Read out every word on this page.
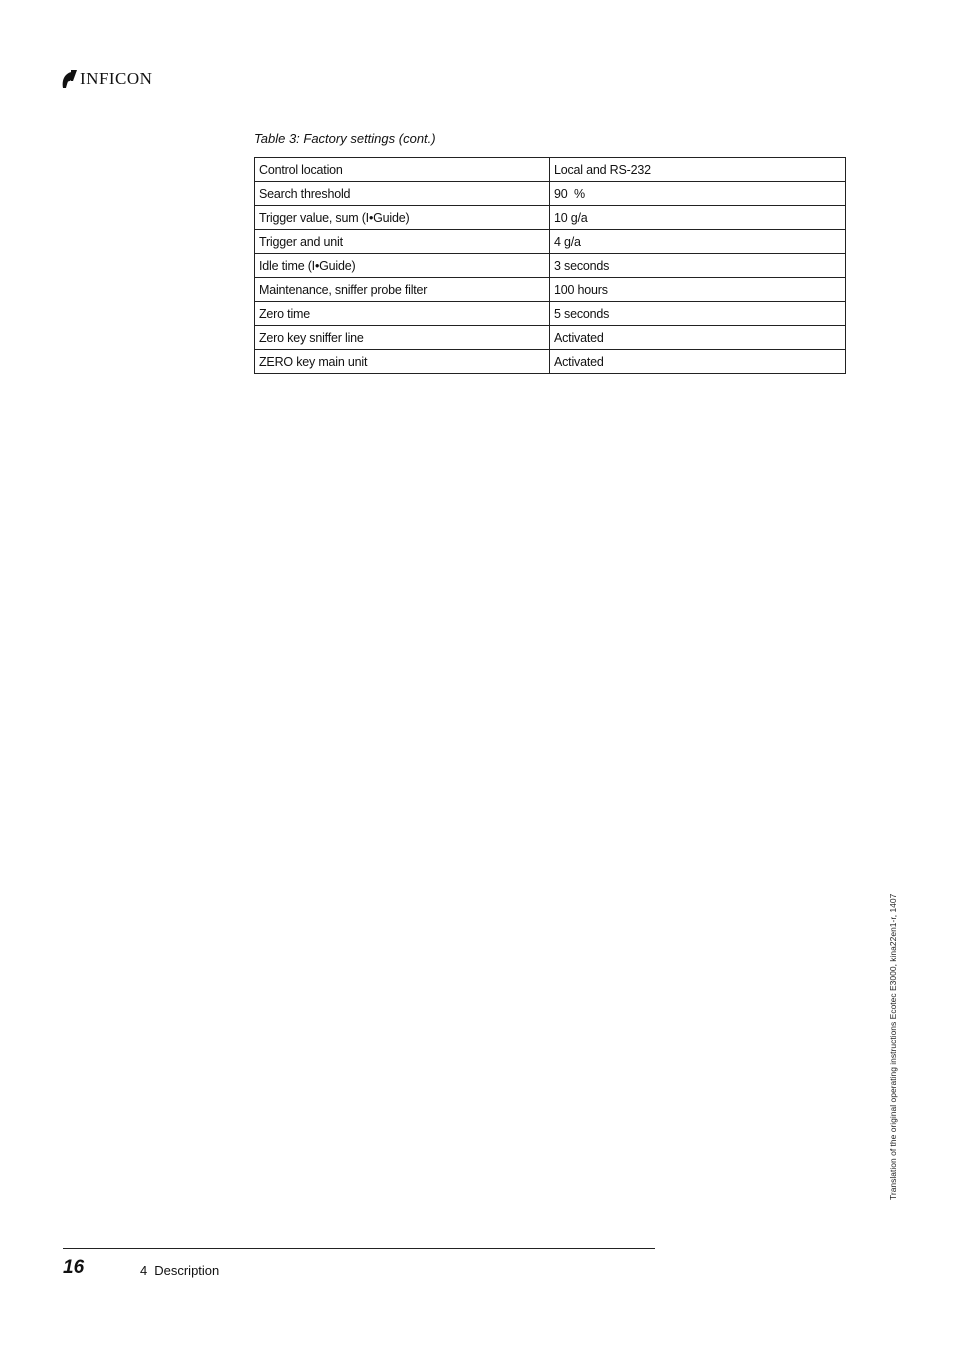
INFICON
Table 3: Factory settings (cont.)
Control location	Local and RS-232
Search threshold	90  %
Trigger value, sum (I•Guide)	10 g/a
Trigger and unit	4 g/a
Idle time (I•Guide)	3 seconds
Maintenance, sniffer probe filter	100 hours
Zero time	5 seconds
Zero key sniffer line	Activated
ZERO key main unit	Activated
Translation of the original operating instructions Ecotec E3000, kina22en1-r, 1407
16	4 Description
